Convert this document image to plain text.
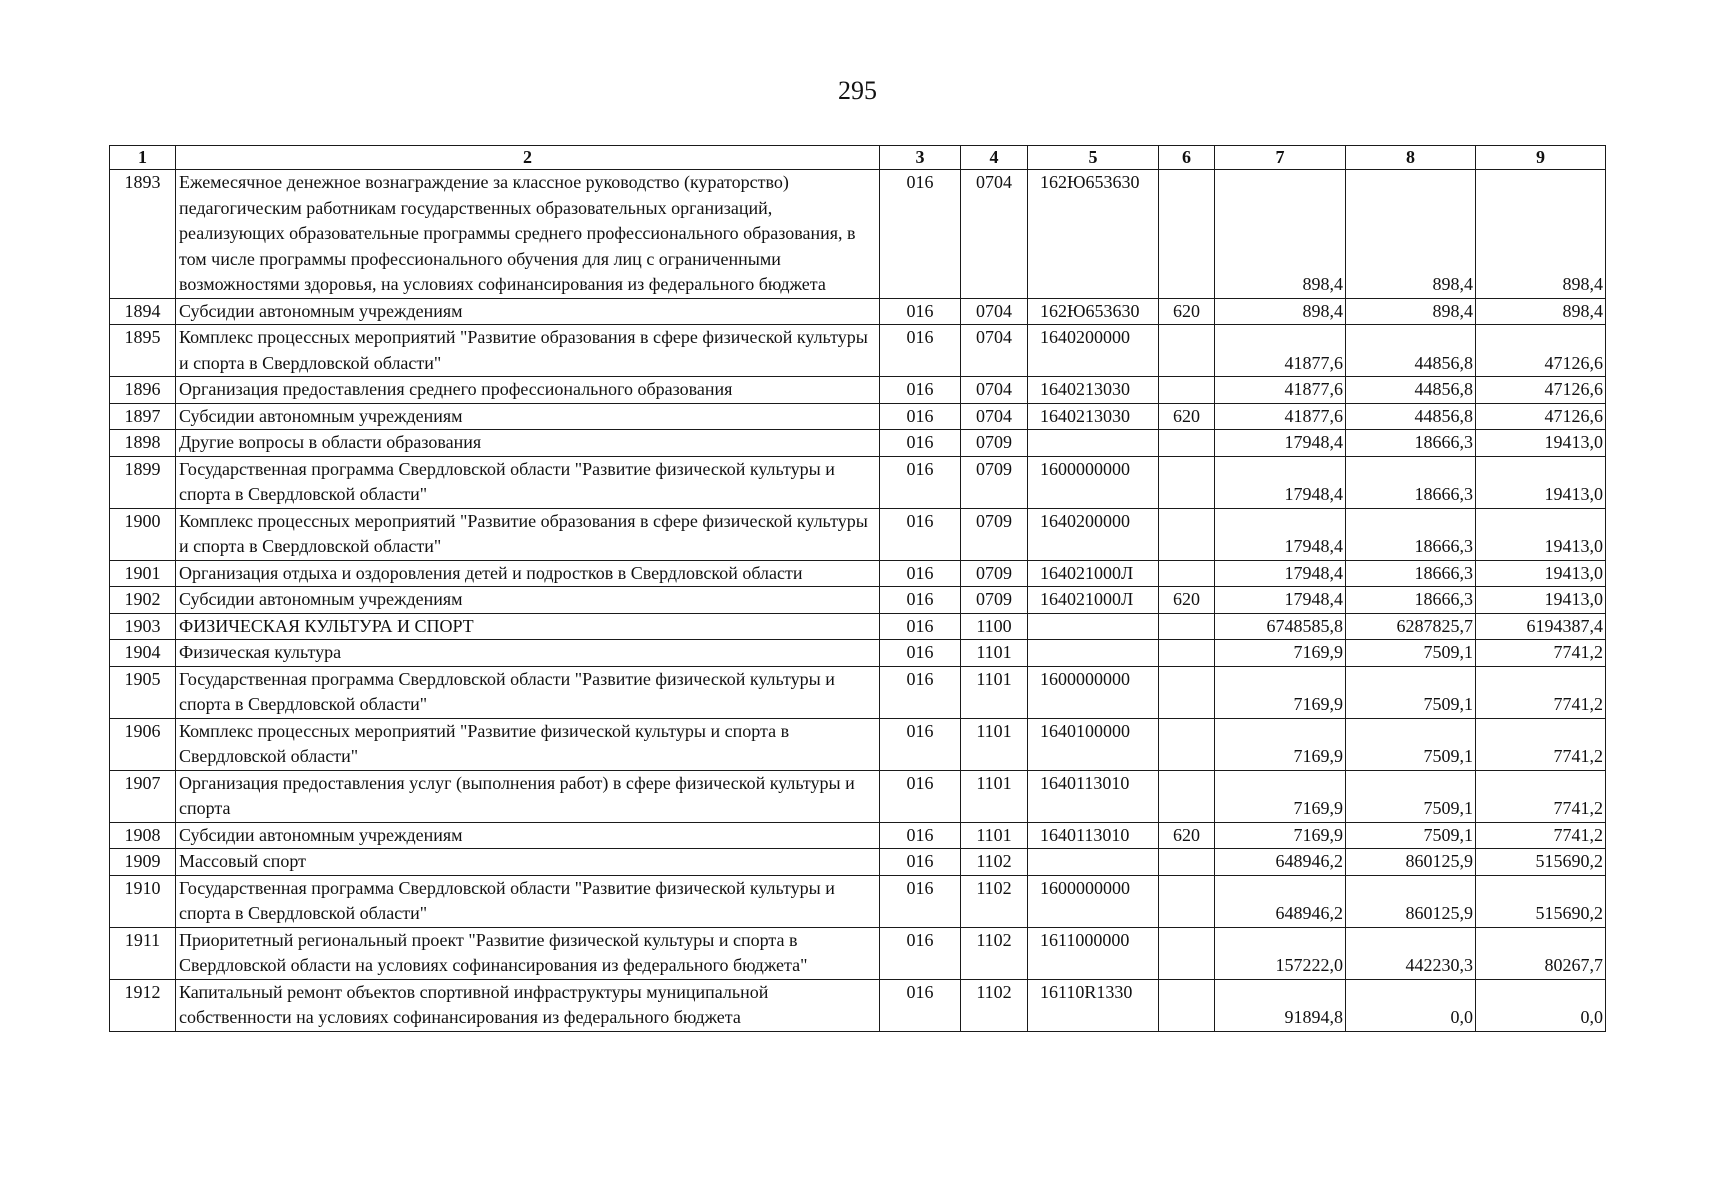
295
1	2	3	4	5	6	7	8	9
1893	Ежемесячное денежное вознаграждение за классное руководство (кураторство) педагогическим работникам государственных образовательных организаций, реализующих образовательные программы среднего профессионального образования, в том числе программы профессионального обучения для лиц с ограниченными возможностями здоровья, на условиях софинансирования из федерального бюджета	016	0704	162Ю653630		898,4	898,4	898,4
1894	Субсидии автономным учреждениям	016	0704	162Ю653630	620	898,4	898,4	898,4
1895	Комплекс процессных мероприятий "Развитие образования в сфере физической культуры и спорта в Свердловской области"	016	0704	1640200000		41877,6	44856,8	47126,6
1896	Организация предоставления среднего профессионального образования	016	0704	1640213030		41877,6	44856,8	47126,6
1897	Субсидии автономным учреждениям	016	0704	1640213030	620	41877,6	44856,8	47126,6
1898	Другие вопросы в области образования	016	0709			17948,4	18666,3	19413,0
1899	Государственная программа Свердловской области "Развитие физической культуры и спорта в Свердловской области"	016	0709	1600000000		17948,4	18666,3	19413,0
1900	Комплекс процессных мероприятий "Развитие образования в сфере физической культуры и спорта в Свердловской области"	016	0709	1640200000		17948,4	18666,3	19413,0
1901	Организация отдыха и оздоровления детей и подростков в Свердловской области	016	0709	164021000Л		17948,4	18666,3	19413,0
1902	Субсидии автономным учреждениям	016	0709	164021000Л	620	17948,4	18666,3	19413,0
1903	ФИЗИЧЕСКАЯ КУЛЬТУРА И СПОРТ	016	1100			6748585,8	6287825,7	6194387,4
1904	Физическая культура	016	1101			7169,9	7509,1	7741,2
1905	Государственная программа Свердловской области "Развитие физической культуры и спорта в Свердловской области"	016	1101	1600000000		7169,9	7509,1	7741,2
1906	Комплекс процессных мероприятий "Развитие физической культуры и спорта в Свердловской области"	016	1101	1640100000		7169,9	7509,1	7741,2
1907	Организация предоставления услуг (выполнения работ) в сфере физической культуры и спорта	016	1101	1640113010		7169,9	7509,1	7741,2
1908	Субсидии автономным учреждениям	016	1101	1640113010	620	7169,9	7509,1	7741,2
1909	Массовый спорт	016	1102			648946,2	860125,9	515690,2
1910	Государственная программа Свердловской области "Развитие физической культуры и спорта в Свердловской области"	016	1102	1600000000		648946,2	860125,9	515690,2
1911	Приоритетный региональный проект "Развитие физической культуры и спорта в Свердловской области на условиях софинансирования из федерального бюджета"	016	1102	1611000000		157222,0	442230,3	80267,7
1912	Капитальный ремонт объектов спортивной инфраструктуры муниципальной собственности на условиях софинансирования из федерального бюджета	016	1102	16110R1330		91894,8	0,0	0,0
